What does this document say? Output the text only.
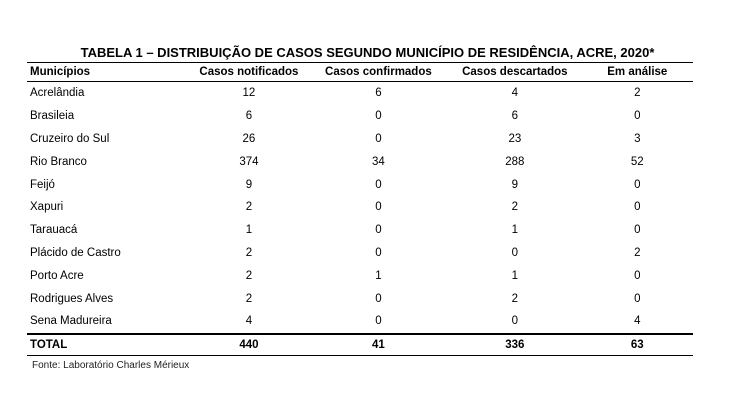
TABELA 1 – DISTRIBUIÇÃO DE CASOS SEGUNDO MUNICÍPIO DE RESIDÊNCIA, ACRE, 2020*
Municípios	Casos notificados	Casos confirmados	Casos descartados	Em análise
Acrelândia	12	6	4	2
Brasileia	6	0	6	0
Cruzeiro do Sul	26	0	23	3
Rio Branco	374	34	288	52
Feijó	9	0	9	0
Xapuri	2	0	2	0
Tarauacá	1	0	1	0
Plácido de Castro	2	0	0	2
Porto Acre	2	1	1	0
Rodrigues Alves	2	0	2	0
Sena Madureira	4	0	0	4
TOTAL	440	41	336	63
Fonte: Laboratório Charles Mérieux
